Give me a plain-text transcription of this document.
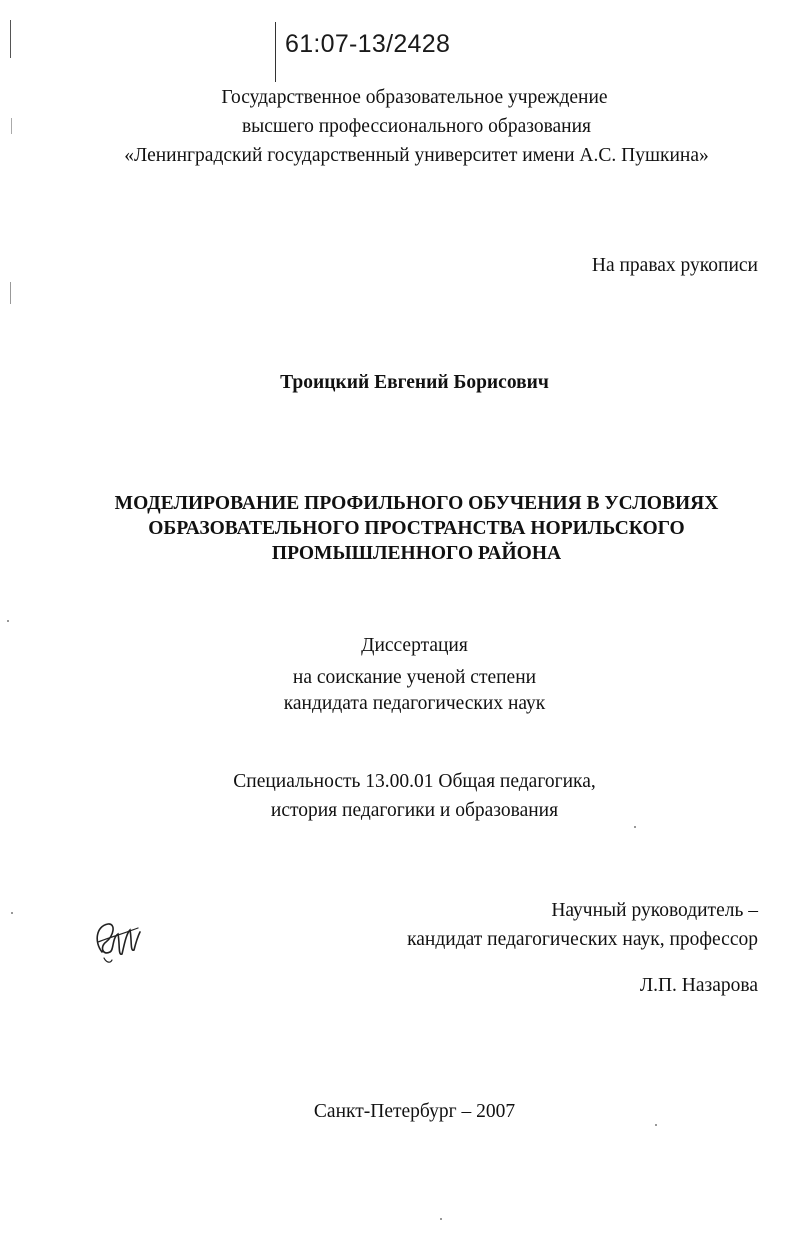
61:07-13/2428
Государственное образовательное учреждение
высшего профессионального образования
«Ленинградский государственный университет имени А.С. Пушкина»
На правах рукописи
Троицкий Евгений Борисович
МОДЕЛИРОВАНИЕ ПРОФИЛЬНОГО ОБУЧЕНИЯ В УСЛОВИЯХ
ОБРАЗОВАТЕЛЬНОГО ПРОСТРАНСТВА НОРИЛЬСКОГО
ПРОМЫШЛЕННОГО РАЙОНА
Диссертация
на соискание ученой степени
кандидата педагогических наук
Специальность 13.00.01 Общая педагогика,
история педагогики и образования
Научный руководитель –
кандидат педагогических наук, профессор
Л.П. Назарова
Санкт-Петербург – 2007
